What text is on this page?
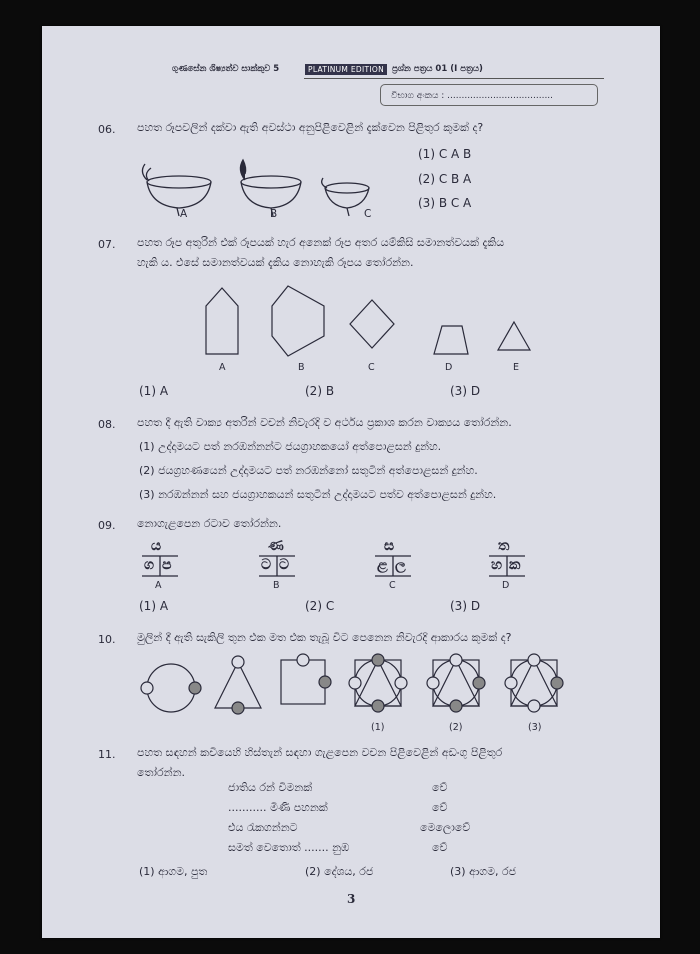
ගුණසේන ශිෂ්‍යත්ව සාක්කුව 5	PLATINUM EDITION ප්‍රශ්න පත්‍රය 01 (I පත්‍රය)
විභාග අංකය : .....................................
06. පහත රූපවලින් දක්වා ඇති අවස්ථා අනුපිළිවෙළින් දැක්වෙන පිළිතුර කුමක් ද?
A	B	C
(1) C A B
(2) C B A
(3) B C A
07. පහත රූප අතුරින් එක් රූපයක් හැර අනෙක් රූප අතර යම්කිසි සමානත්වයක් දැකිය
හැකි ය. එසේ සමානත්වයක් දැකිය නොහැකි රූපය තෝරන්න.
A	B	C	D	E
(1) A	(2) B	(3) D
08. පහත දී ඇති වාක්‍ය අතරින් වචන් නිවැරදි ව අර්ථය ප්‍රකාශ කරන වාක්‍යය තෝරන්න.
(1) උද්දාමයට පත් නරඹන්නන්ට ජයග්‍රාහකයෝ අත්පොළසන් දුන්හ.
(2) ජයග්‍රහණයෙන් උද්දාමයට පත් නරඹන්නෝ සතුටින් අත්පොළසන් දුන්හ.
(3) නරඹන්නන් සහ ජයග්‍රාහකයන් සතුටින් උද්දාමයට පත්ව අත්පොළසන් දුන්හ.
09. නොගැළපෙන රටාව තෝරන්න.
ය
ග ප
A
ණ
ට ට
B
ස
ළ ල
C
ත
හ ක
D
(1) A	(2) C	(3) D
10. මුලින් දී ඇති සැකිලි තුන එක මත එක තැබූ විට පෙනෙන නිවැරදි ආකාරය කුමක් ද?
(1)	(2)	(3)
11. පහත සඳහන් කවියෙහි හිස්තැන් සඳහා ගැළපෙන වචන පිළිවෙළින් අඩංගු පිළිතුර
තෝරන්න.
ජාතිය රන් විමනක්	වේ
........... මිණි පහනක්	වේ
එය රැකගන්නට	මෙලොවේ
සමත් වෙතොත් ....... නුඹ	වේ
(1) ආගම, පුත	(2) දේශය, රජ	(3) ආගම, රජ
3
